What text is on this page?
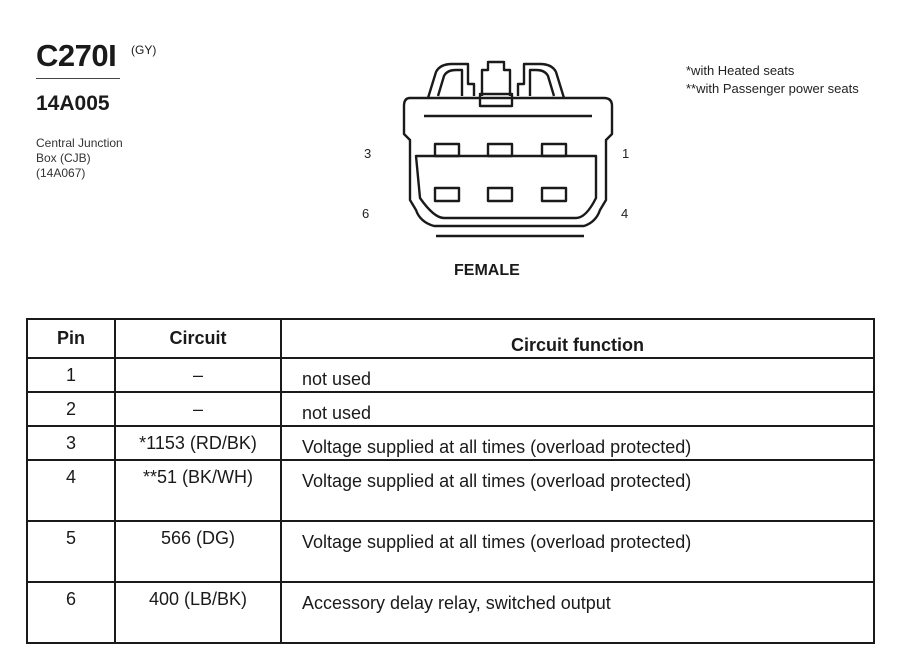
C270I (GY)
14A005
Central Junction
Box (CJB)
(14A067)
*with Heated seats
**with Passenger power seats
3	1
6	4
FEMALE
Pin	Circuit	Circuit function

1	–	not used

2	–	not used

3	*1153 (RD/BK)	Voltage supplied at all times (overload protected)

4	**51 (BK/WH)	Voltage supplied at all times (overload protected)

5	566 (DG)	Voltage supplied at all times (overload protected)

6	400 (LB/BK)	Accessory delay relay, switched output
